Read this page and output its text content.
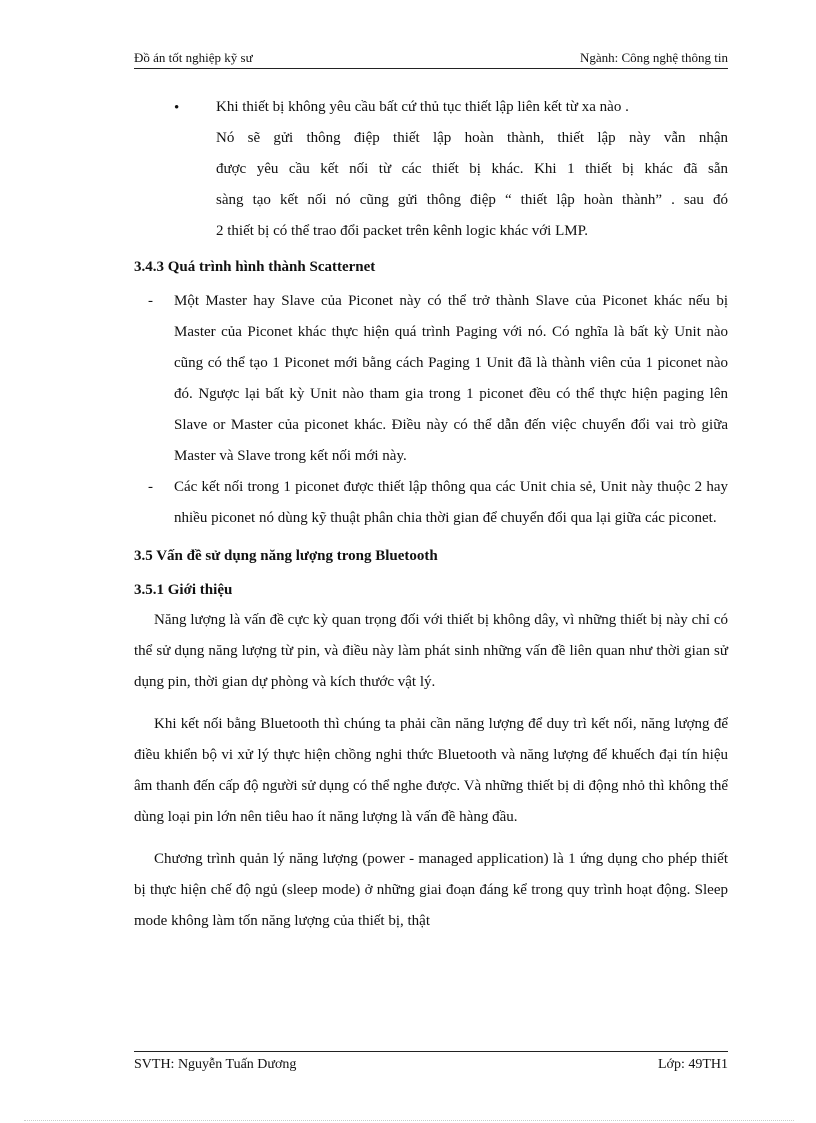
Đồ án tốt nghiệp kỹ sư	Ngành: Công nghệ thông tin
• Khi thiết bị không yêu cầu bất cứ thủ tục thiết lập liên kết từ xa nào .

Nó sẽ gửi thông điệp thiết lập hoàn thành, thiết lập này vẫn nhận

được yêu cầu kết nối từ các thiết bị khác. Khi 1 thiết bị khác đã sẵn

sàng tạo kết nối nó cũng gửi thông điệp “ thiết lập hoàn thành” . sau đó

2 thiết bị có thể trao đổi packet trên kênh logic khác với LMP.

3.4.3 Quá trình hình thành Scatternet

- Một Master hay Slave của Piconet này có thể trở thành Slave của Piconet khác nếu bị Master của Piconet khác thực hiện quá trình Paging với nó. Có nghĩa là bất kỳ Unit nào cũng có thể tạo 1 Piconet mới bằng cách Paging 1 Unit đã là thành viên của 1 piconet nào đó. Ngược lại bất kỳ Unit nào tham gia trong 1 piconet đều có thể thực hiện paging lên Slave or Master của piconet khác. Điều này có thể dẫn đến việc chuyển đổi vai trò giữa Master và Slave trong kết nối mới này.

- Các kết nối trong 1 piconet được thiết lập thông qua các Unit chia sẻ, Unit này thuộc 2 hay nhiều piconet nó dùng kỹ thuật phân chia thời gian để chuyển đổi qua lại giữa các piconet.

3.5 Vấn đề sử dụng năng lượng trong Bluetooth

3.5.1 Giới thiệu

Năng lượng là vấn đề cực kỳ quan trọng đối với thiết bị không dây, vì những thiết bị này chỉ có thể sử dụng năng lượng từ pin, và điều này làm phát sinh những vấn đề liên quan như thời gian sử dụng pin, thời gian dự phòng và kích thước vật lý.

Khi kết nối bằng Bluetooth thì chúng ta phải cần năng lượng để duy trì kết nối, năng lượng để điều khiển bộ vi xử lý thực hiện chồng nghi thức Bluetooth và năng lượng để khuếch đại tín hiệu âm thanh đến cấp độ người sử dụng có thể nghe được. Và những thiết bị di động nhỏ thì không thể dùng loại pin lớn nên tiêu hao ít năng lượng là vấn đề hàng đầu.

Chương trình quản lý năng lượng (power - managed application) là 1 ứng dụng cho phép thiết bị thực hiện chế độ ngủ (sleep mode) ở những giai đoạn đáng kể trong quy trình hoạt động. Sleep mode không làm tốn năng lượng của thiết bị, thật

SVTH: Nguyễn Tuấn Dương	Lớp: 49TH1
